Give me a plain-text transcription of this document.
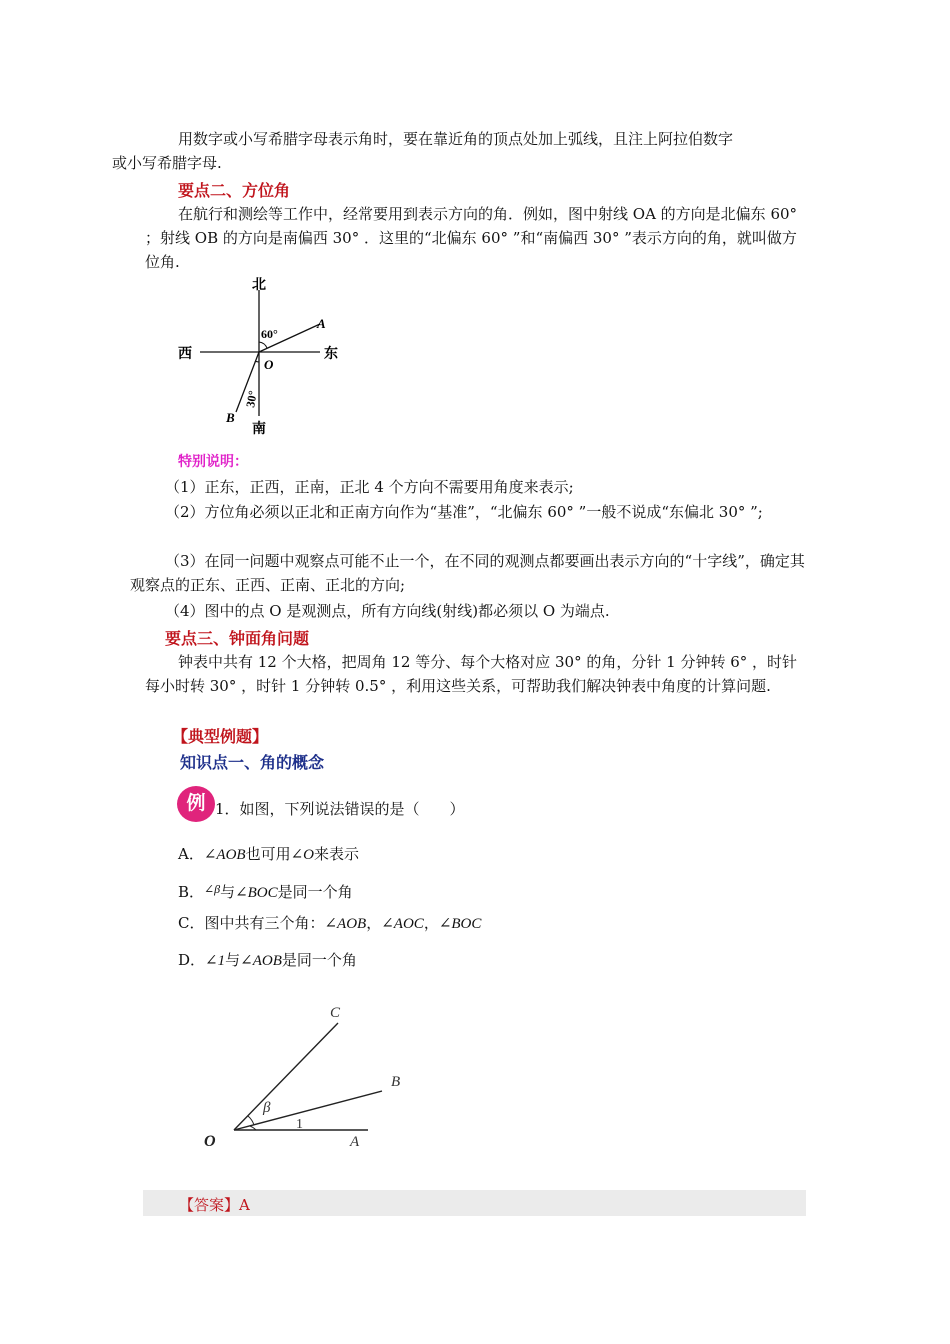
用数字或小写希腊字母表示角时，要在靠近角的顶点处加上弧线，且注上阿拉伯数字
或小写希腊字母.
要点二、方位角
在航行和测绘等工作中，经常要用到表示方向的角．例如，图中射线 OA 的方向是北偏东 60° ；射线 OB 的方向是南偏西 30° ．这里的“北偏东 60° ”和“南偏西 30° ”表示方向的角，就叫做方位角.
北
南
西	东
60°
A
O
B
30°
特别说明：
（1）正东，正西，正南，正北 4 个方向不需要用角度来表示;
（2）方位角必须以正北和正南方向作为“基准”，“北偏东 60° ”一般不说成“东偏北 30° ”;
（3）在同一问题中观察点可能不止一个，在不同的观测点都要画出表示方向的“十字线”，确定其观察点的正东、正西、正南、正北的方向;
（4）图中的点 O 是观测点，所有方向线(射线)都必须以 O 为端点.
要点三、钟面角问题
钟表中共有 12 个大格，把周角 12 等分、每个大格对应 30° 的角，分针 1 分钟转 6° ，时针每小时转 30° ，时针 1 分钟转 0.5° ，利用这些关系，可帮助我们解决钟表中角度的计算问题.
【典型例题】
知识点一、角的概念
例 1．如图，下列说法错误的是（　　）
A．∠AOB也可用∠O来表示
B．$^{\angle\beta}$与∠BOC是同一个角
C．图中共有三个角：∠AOB，∠AOC，∠BOC
D．∠1与∠AOB是同一个角
C
B
A
O
β
1
【答案】A
